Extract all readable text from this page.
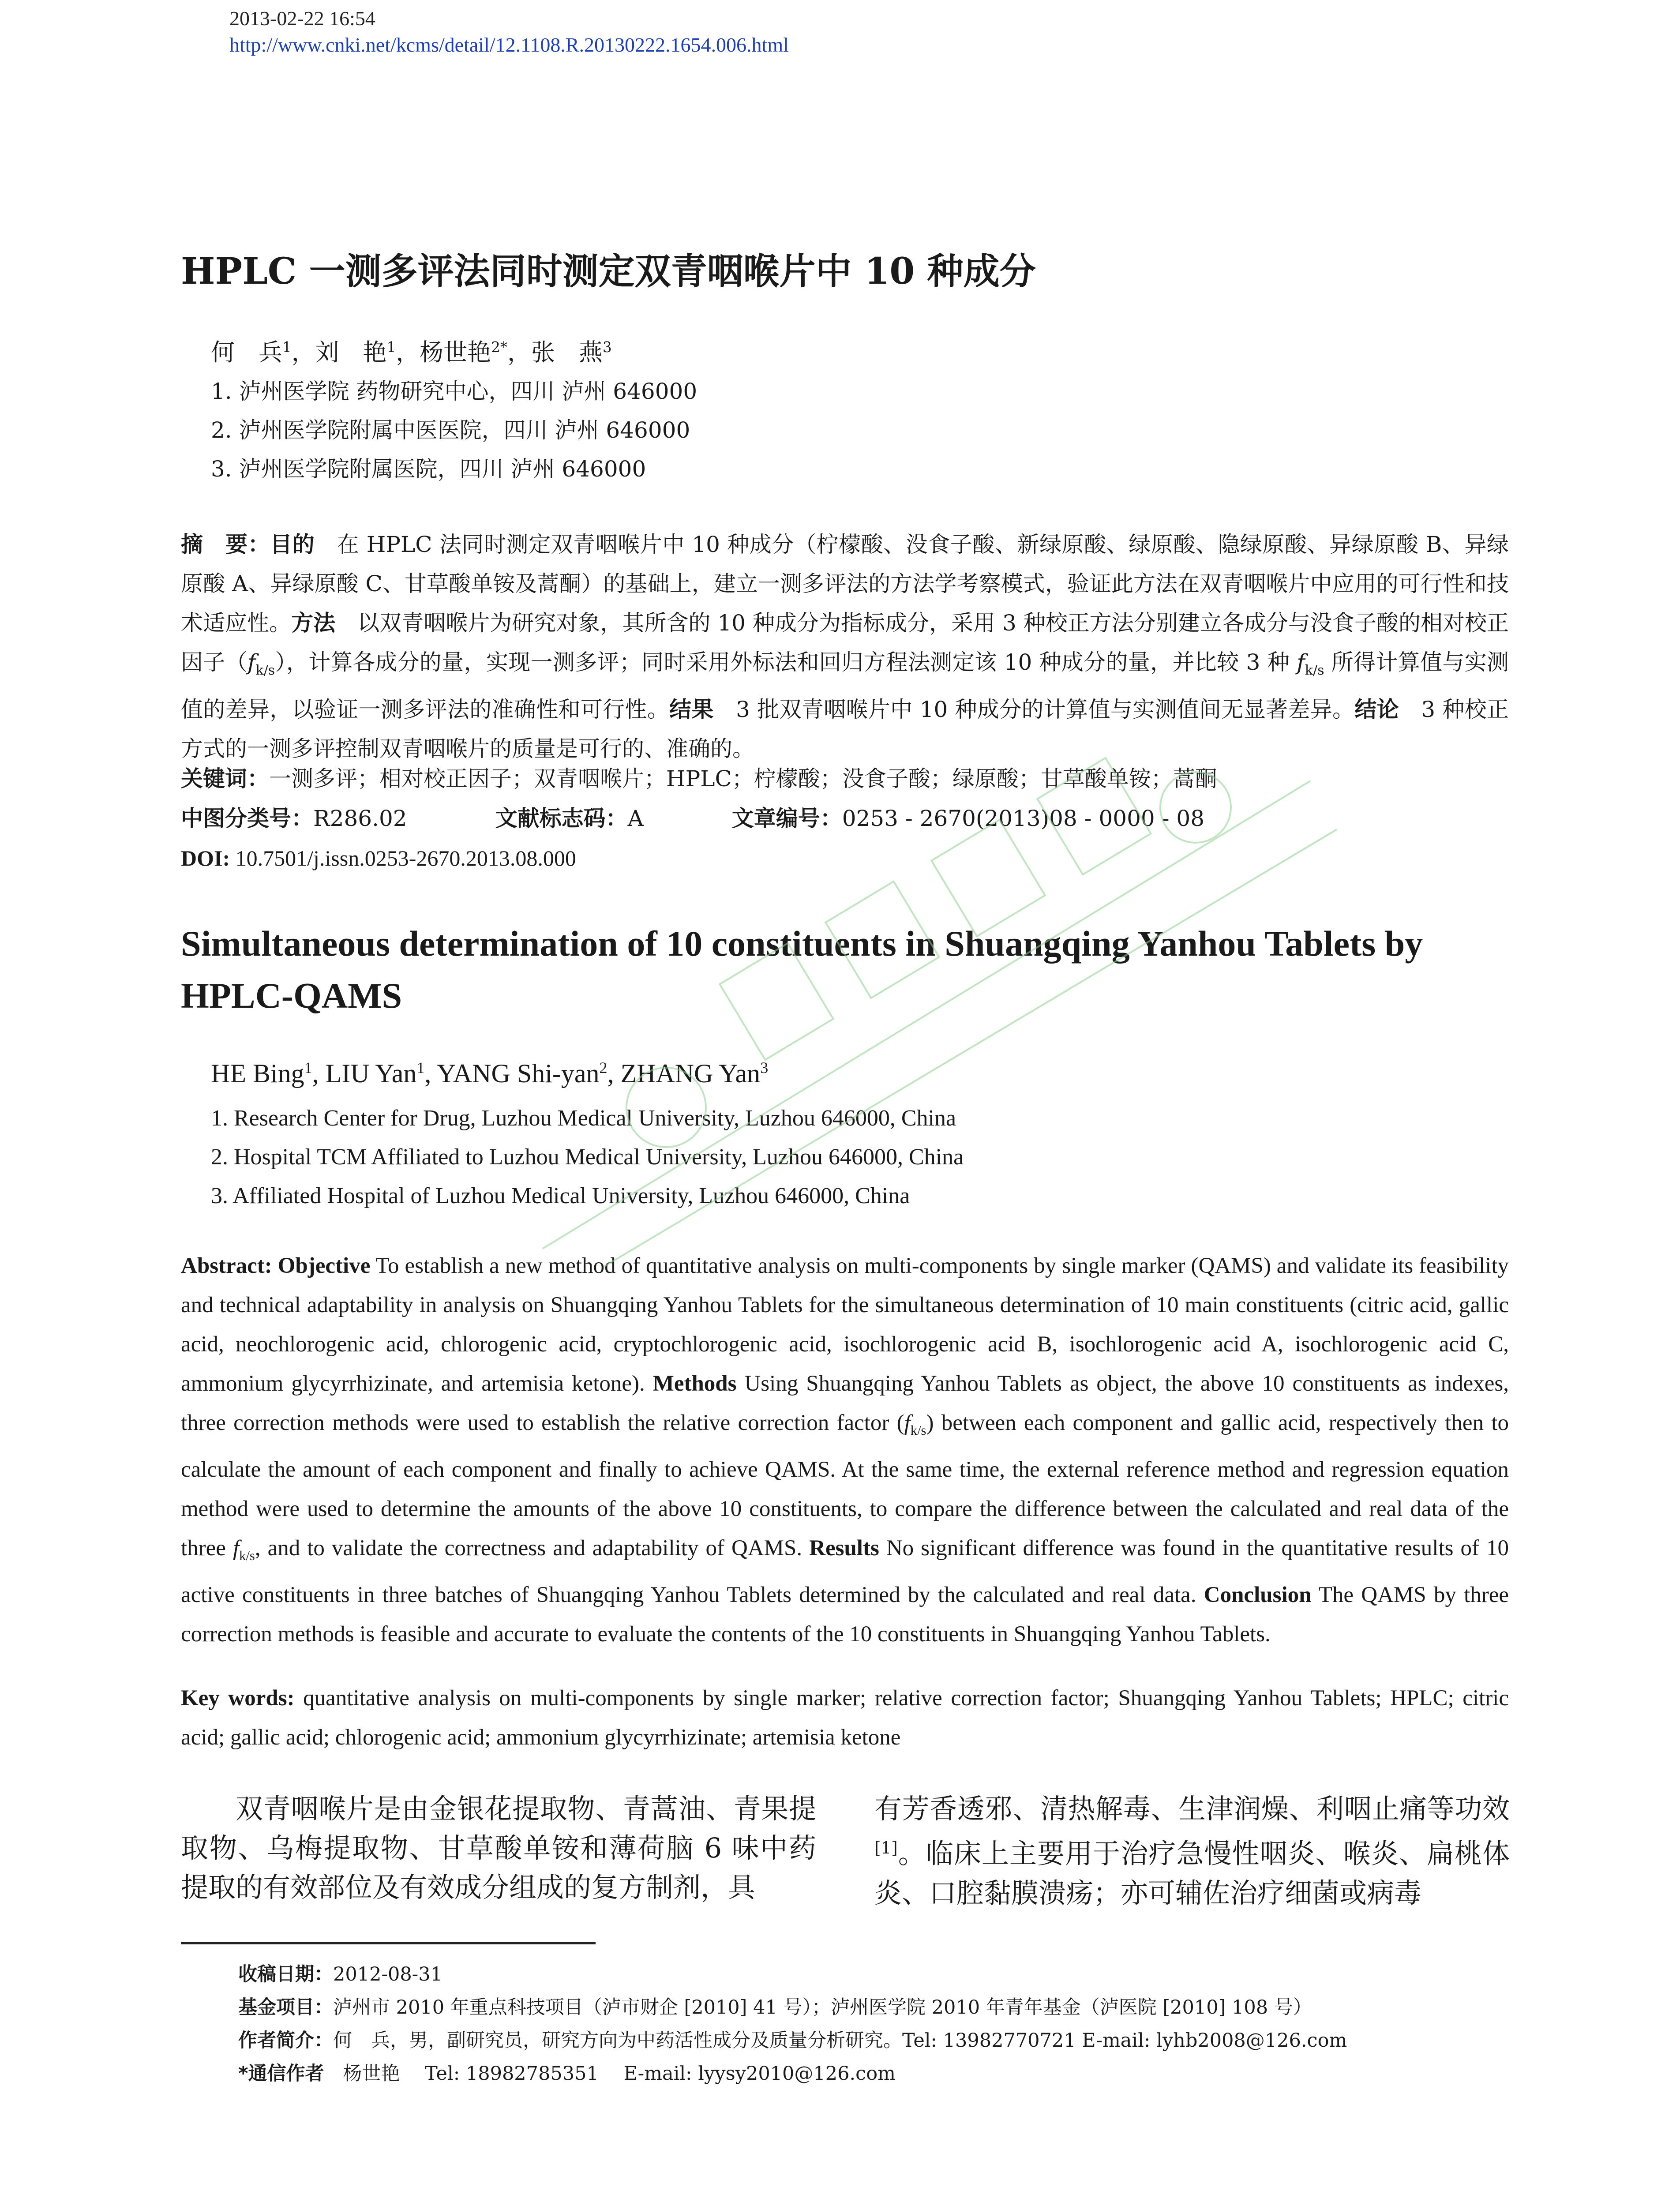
2013-02-22 16:54
http://www.cnki.net/kcms/detail/12.1108.R.20130222.1654.006.html
HPLC 一测多评法同时测定双青咽喉片中 10 种成分
何　兵$^1$，刘　艳$^1$，杨世艳$^{2*}$，张　燕$^3$
1. 泸州医学院 药物研究中心，四川 泸州 646000
2. 泸州医学院附属中医医院，四川 泸州 646000
3. 泸州医学院附属医院，四川 泸州 646000

摘　要：目的　在 HPLC 法同时测定双青咽喉片中 10 种成分（柠檬酸、没食子酸、新绿原酸、绿原酸、隐绿原酸、异绿原酸 B、异绿原酸 A、异绿原酸 C、甘草酸单铵及蒿酮）的基础上，建立一测多评法的方法学考察模式，验证此方法在双青咽喉片中应用的可行性和技术适应性。方法　以双青咽喉片为研究对象，其所含的 10 种成分为指标成分，采用 3 种校正方法分别建立各成分与没食子酸的相对校正因子$(f_{k/s})$，计算各成分的量，实现一测多评；同时采用外标法和回归方程法测定该 10 种成分的量，并比较 3 种 $f_{k/s}$ 所得计算值与实测值的差异，以验证一测多评法的准确性和可行性。结果　3 批双青咽喉片中 10 种成分的计算值与实测值间无显著差异。结论　3 种校正方式的一测多评控制双青咽喉片的质量是可行的、准确的。

关键词：一测多评；相对校正因子；双青咽喉片；HPLC；柠檬酸；没食子酸；绿原酸；甘草酸单铵；蒿酮
中图分类号：R286.02	文献标志码：A	文章编号：0253 - 2670(2013)08 - 0000 - 08
DOI: 10.7501/j.issn.0253-2670.2013.08.000
Simultaneous determination of 10 constituents in Shuangqing Yanhou Tablets by HPLC-QAMS
HE Bing$^1$, LIU Yan$^1$, YANG Shi-yan$^2$, ZHANG Yan$^3$
1. Research Center for Drug, Luzhou Medical University, Luzhou 646000, China
2. Hospital TCM Affiliated to Luzhou Medical University, Luzhou 646000, China
3. Affiliated Hospital of Luzhou Medical University, Luzhou 646000, China

Abstract: Objective To establish a new method of quantitative analysis on multi-components by single marker (QAMS) and validate its feasibility and technical adaptability in analysis on Shuangqing Yanhou Tablets for the simultaneous determination of 10 main constituents (citric acid, gallic acid, neochlorogenic acid, chlorogenic acid, cryptochlorogenic acid, isochlorogenic acid B, isochlorogenic acid A, isochlorogenic acid C, ammonium glycyrrhizinate, and artemisia ketone). Methods Using Shuangqing Yanhou Tablets as object, the above 10 constituents as indexes, three correction methods were used to establish the relative correction factor $(f_{k/s})$ between each component and gallic acid, respectively then to calculate the amount of each component and finally to achieve QAMS. At the same time, the external reference method and regression equation method were used to determine the amounts of the above 10 constituents, to compare the difference between the calculated and real data of the three $f_{k/s}$, and to validate the correctness and adaptability of QAMS. Results No significant difference was found in the quantitative results of 10 active constituents in three batches of Shuangqing Yanhou Tablets determined by the calculated and real data. Conclusion The QAMS by three correction methods is feasible and accurate to evaluate the contents of the 10 constituents in Shuangqing Yanhou Tablets.

Key words: quantitative analysis on multi-components by single marker; relative correction factor; Shuangqing Yanhou Tablets; HPLC; citric acid; gallic acid; chlorogenic acid; ammonium glycyrrhizinate; artemisia ketone

双青咽喉片是由金银花提取物、青蒿油、青果提取物、乌梅提取物、甘草酸单铵和薄荷脑 6 味中药提取的有效部位及有效成分组成的复方制剂，具

有芳香透邪、清热解毒、生津润燥、利咽止痛等功效[1]。临床上主要用于治疗急慢性咽炎、喉炎、扁桃体炎、口腔黏膜溃疡；亦可辅佐治疗细菌或病毒

收稿日期：2012-08-31
基金项目：泸州市 2010 年重点科技项目（泸市财企 [2010] 41 号）；泸州医学院 2010 年青年基金（泸医院 [2010] 108 号）
作者简介：何　兵，男，副研究员，研究方向为中药活性成分及质量分析研究。Tel: 13982770721 E-mail: lyhb2008@126.com
*通信作者　杨世艳　 Tel: 18982785351　 E-mail: lyysy2010@126.com
